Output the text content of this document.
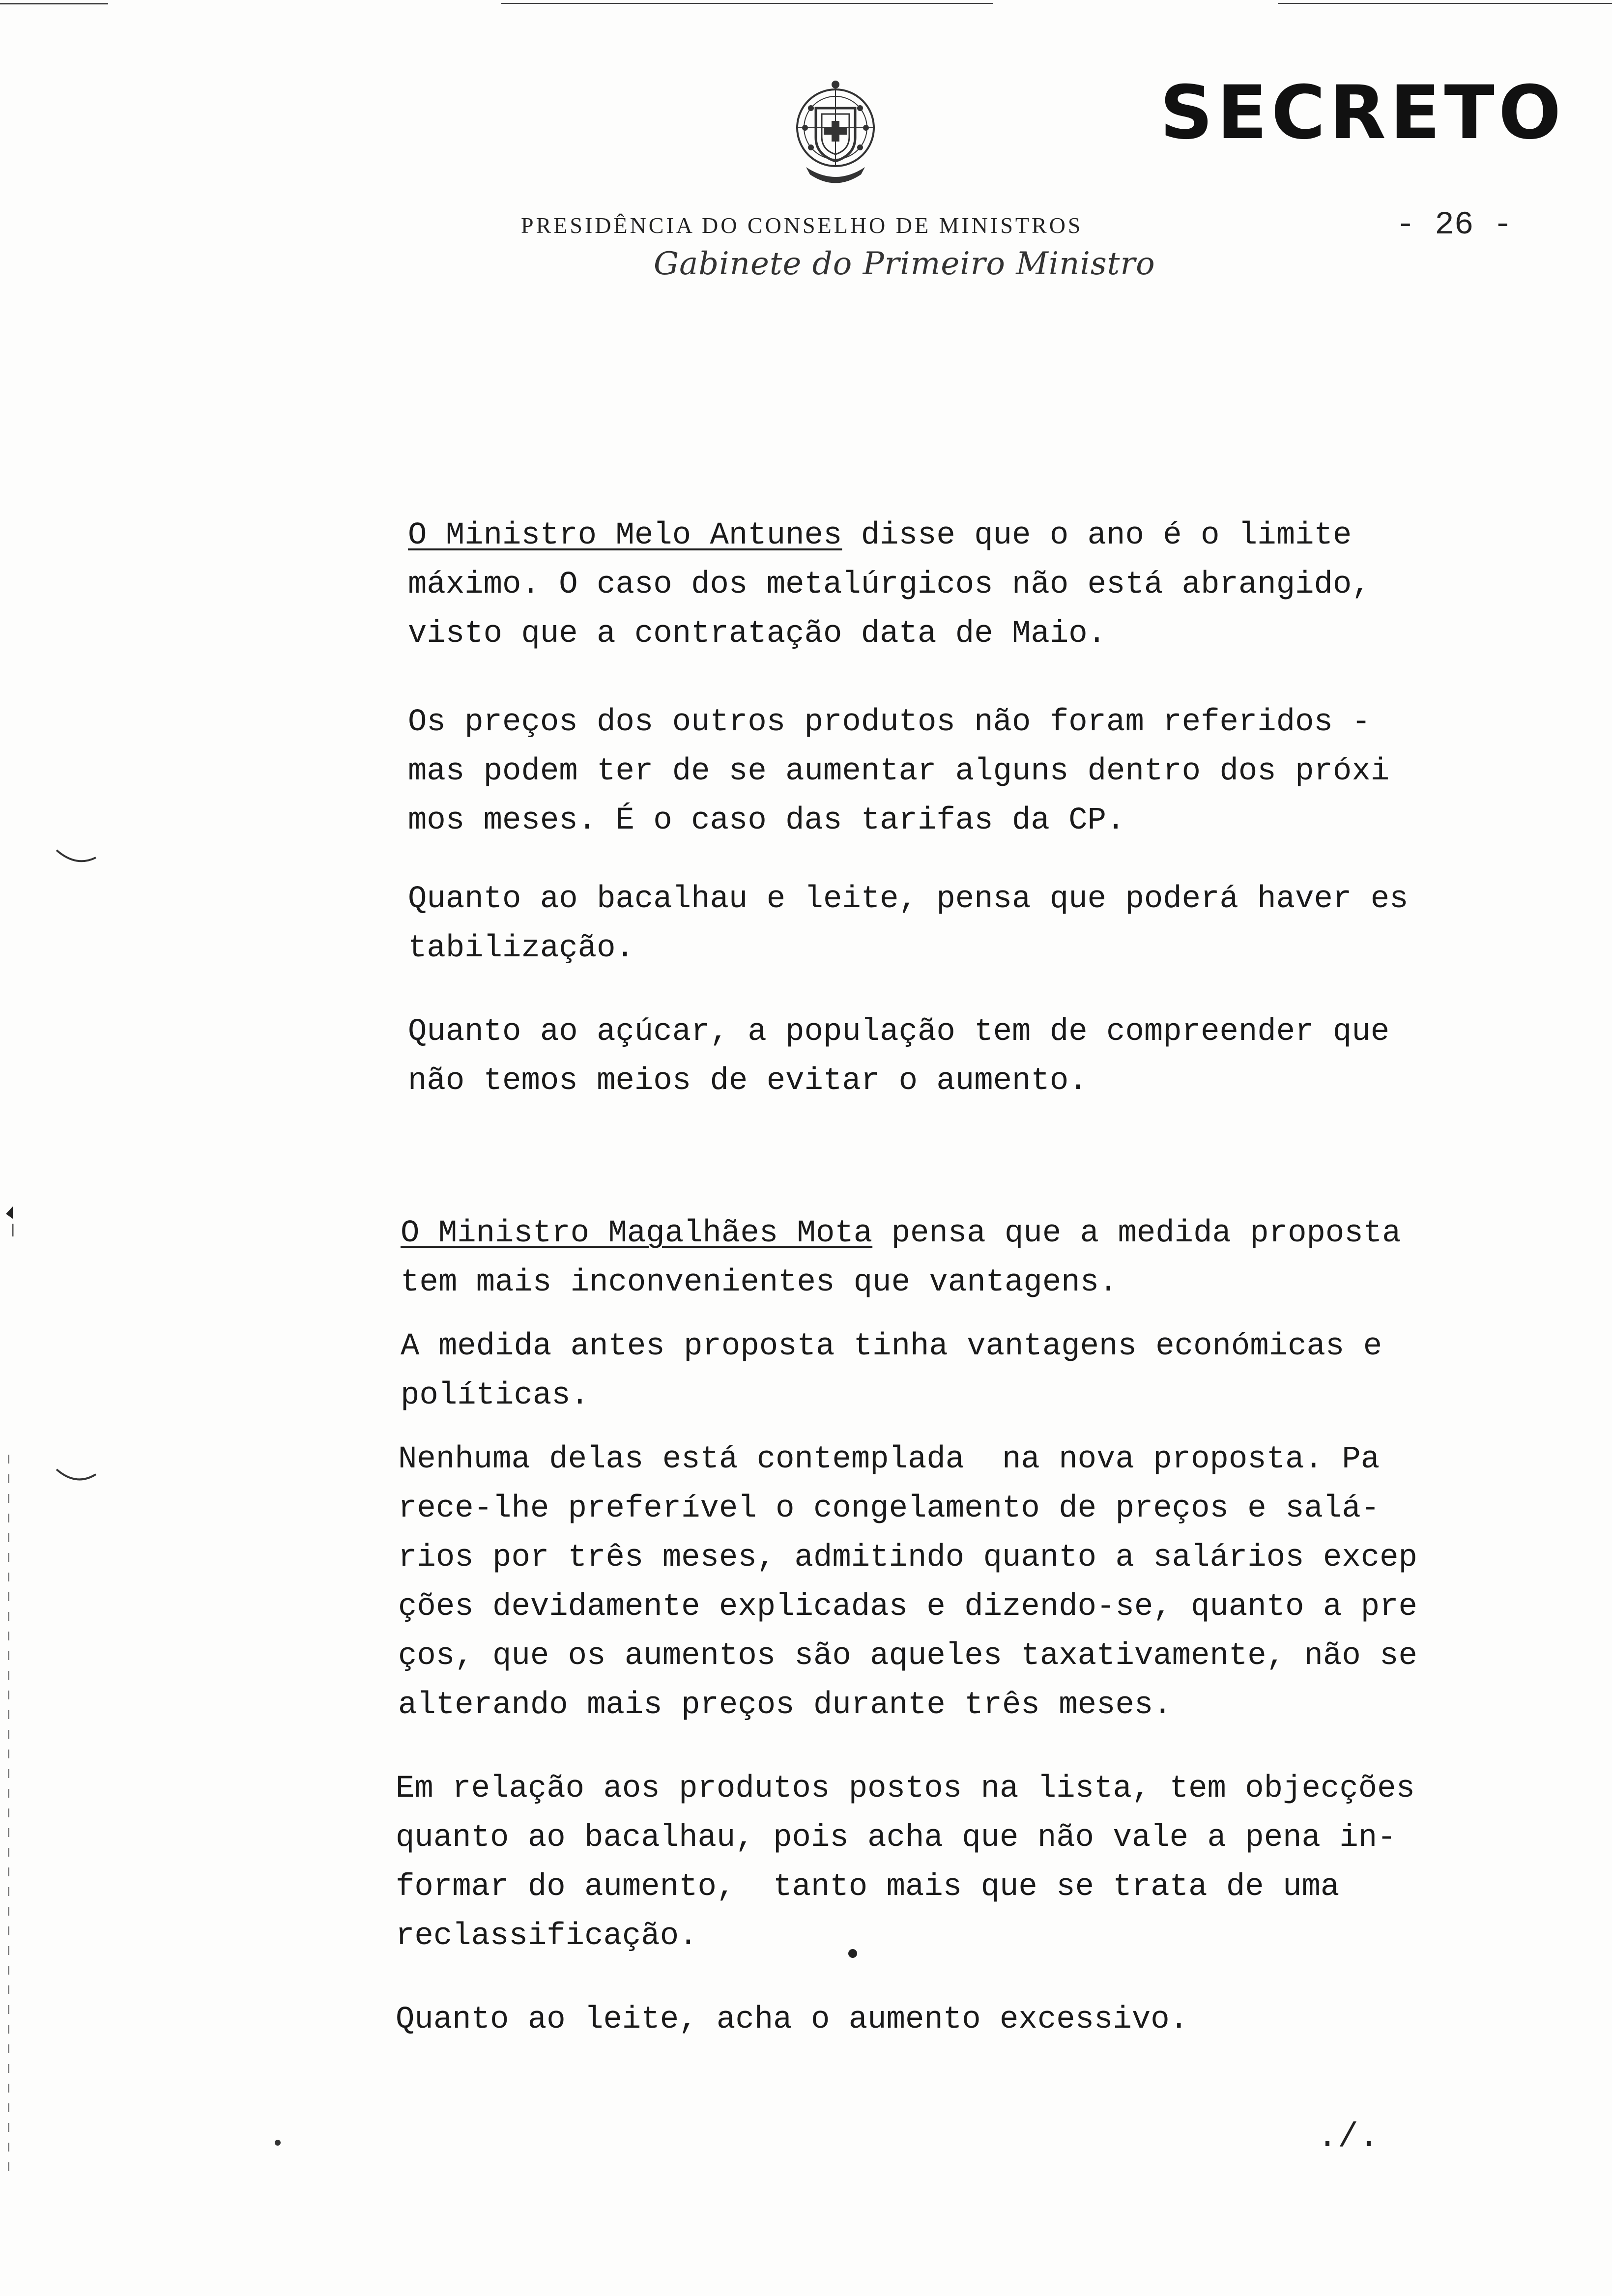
SECRETO
PRESIDÊNCIA DO CONSELHO DE MINISTROS	- 26 -
Gabinete do Primeiro Ministro
O Ministro Melo Antunes disse que o ano é o limite
máximo. O caso dos metalúrgicos não está abrangido,
visto que a contratação data de Maio.
Os preços dos outros produtos não foram referidos -
mas podem ter de se aumentar alguns dentro dos próxi
mos meses. É o caso das tarifas da CP.
Quanto ao bacalhau e leite, pensa que poderá haver es
tabilização.
Quanto ao açúcar, a população tem de compreender que
não temos meios de evitar o aumento.
O Ministro Magalhães Mota pensa que a medida proposta
tem mais inconvenientes que vantagens.
A medida antes proposta tinha vantagens económicas e
políticas.
Nenhuma delas está contemplada  na nova proposta. Pa
rece-lhe preferível o congelamento de preços e salá-
rios por três meses, admitindo quanto a salários excep
ções devidamente explicadas e dizendo-se, quanto a pre
ços, que os aumentos são aqueles taxativamente, não se
alterando mais preços durante três meses.
Em relação aos produtos postos na lista, tem objecções
quanto ao bacalhau, pois acha que não vale a pena in-
formar do aumento,  tanto mais que se trata de uma
reclassificação.
Quanto ao leite, acha o aumento excessivo.
./.
